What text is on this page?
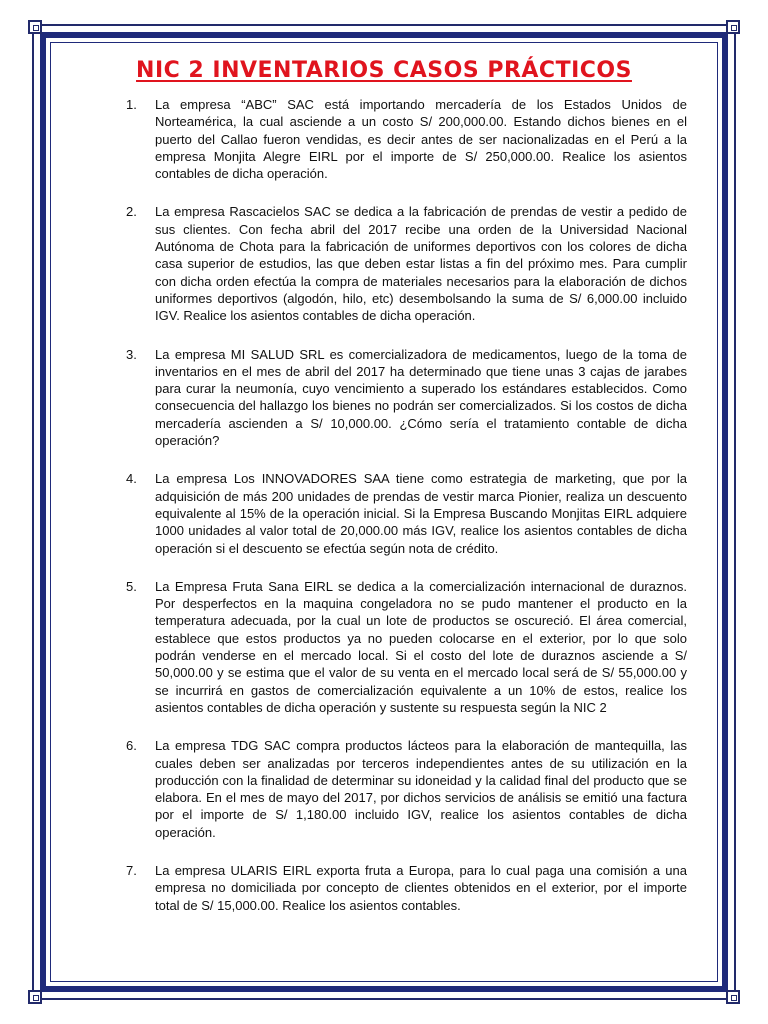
NIC 2 INVENTARIOS CASOS PRÁCTICOS
1. La empresa “ABC” SAC está importando mercadería de los Estados Unidos de Norteamérica, la cual asciende a un costo S/ 200,000.00. Estando dichos bienes en el puerto del Callao fueron vendidas, es decir antes de ser nacionalizadas en el Perú a la empresa Monjita Alegre EIRL por el importe de S/ 250,000.00. Realice los asientos contables de dicha operación.
2. La empresa Rascacielos SAC se dedica a la fabricación de prendas de vestir a pedido de sus clientes. Con fecha abril del 2017 recibe una orden de la Universidad Nacional Autónoma de Chota para la fabricación de uniformes deportivos con los colores de dicha casa superior de estudios, las que deben estar listas a fin del próximo mes. Para cumplir con dicha orden efectúa la compra de materiales necesarios para la elaboración de dichos uniformes deportivos (algodón, hilo, etc) desembolsando la suma de S/ 6,000.00 incluido IGV. Realice los asientos contables de dicha operación.
3. La empresa MI SALUD SRL es comercializadora de medicamentos, luego de la toma de inventarios en el mes de abril del 2017 ha determinado que tiene unas 3 cajas de jarabes para curar la neumonía, cuyo vencimiento a superado los estándares establecidos. Como consecuencia del hallazgo los bienes no podrán ser comercializados. Si los costos de dicha mercadería ascienden a S/ 10,000.00. ¿Cómo sería el tratamiento contable de dicha operación?
4. La empresa Los INNOVADORES SAA tiene como estrategia de marketing, que por la adquisición de más 200 unidades de prendas de vestir marca Pionier, realiza un descuento equivalente al 15% de la operación inicial. Si la Empresa Buscando Monjitas EIRL adquiere 1000 unidades al valor total de 20,000.00 más IGV, realice los asientos contables de dicha operación si el descuento se efectúa según nota de crédito.
5. La Empresa Fruta Sana EIRL se dedica a la comercialización internacional de duraznos. Por desperfectos en la maquina congeladora no se pudo mantener el producto en la temperatura adecuada, por la cual un lote de productos se oscureció. El área comercial, establece que estos productos ya no pueden colocarse en el exterior, por lo que solo podrán venderse en el mercado local. Si el costo del lote de duraznos asciende a S/ 50,000.00 y se estima que el valor de su venta en el mercado local será de S/ 55,000.00 y se incurrirá en gastos de comercialización equivalente a un 10% de estos, realice los asientos contables de dicha operación y sustente su respuesta según la NIC 2
6. La empresa TDG SAC compra productos lácteos para la elaboración de mantequilla, las cuales deben ser analizadas por terceros independientes antes de su utilización en la producción con la finalidad de determinar su idoneidad y la calidad final del producto que se elabora. En el mes de mayo del 2017, por dichos servicios de análisis se emitió una factura por el importe de S/ 1,180.00 incluido IGV, realice los asientos contables de dicha operación.
7. La empresa ULARIS EIRL exporta fruta a Europa, para lo cual paga una comisión a una empresa no domiciliada por concepto de clientes obtenidos en el exterior, por el importe total de S/ 15,000.00. Realice los asientos contables.
